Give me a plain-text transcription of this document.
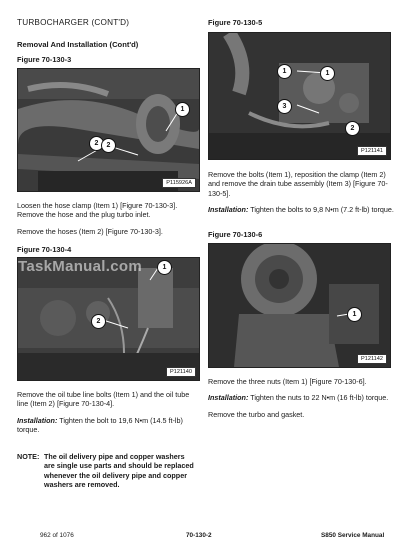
TURBOCHARGER (CONT'D)
Removal And Installation (Cont'd)
Figure 70-130-3
1
2	2
P115926A
Loosen the hose clamp (Item 1) [Figure 70-130-3]. Remove the hose and the plug turbo inlet.
Remove the hoses (Item 2) [Figure 70-130-3].
Figure 70-130-4
1
2
P121140
TaskManual.com
Remove the oil tube line bolts (Item 1) and the oil tube line (Item 2) [Figure 70-130-4].
Installation: Tighten the bolt to 19,6 N•m (14.5 ft-lb) torque.
NOTE: The oil delivery pipe and copper washers are single use parts and should be replaced whenever the oil delivery pipe and copper washers are removed.
Figure 70-130-5
1	1
2
3
P121141
Remove the bolts (Item 1), reposition the clamp (Item 2) and remove the drain tube assembly (Item 3) [Figure 70-130-5].
Installation: Tighten the bolts to 9,8 N•m (7.2 ft-lb) torque.
Figure 70-130-6
1
P121142
Remove the three nuts (Item 1) [Figure 70-130-6].
Installation: Tighten the nuts to 22 N•m (16 ft-lb) torque.
Remove the turbo and gasket.
962 of 1076	70-130-2	S850 Service Manual
